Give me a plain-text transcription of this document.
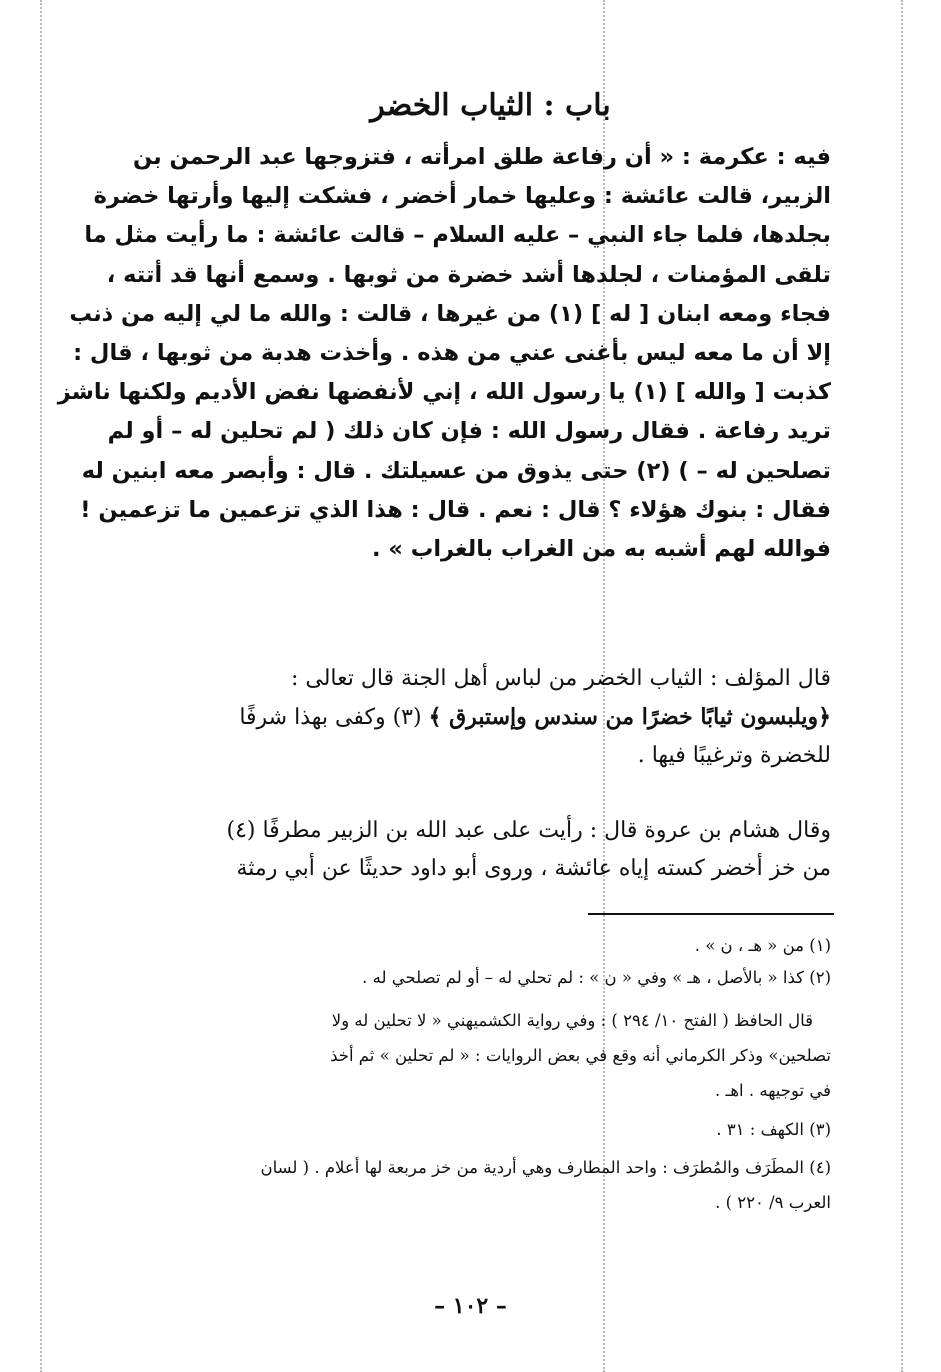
باب : الثياب الخضر
فيه : عكرمة : « أن رفاعة طلق امرأته ، فتزوجها عبد الرحمن بن
الزبير، قالت عائشة : وعليها خمار أخضر ، فشكت إليها وأرتها خضرة
بجلدها، فلما جاء النبي – عليه السلام – قالت عائشة : ما رأيت مثل ما
تلقى المؤمنات ، لجلدها أشد خضرة من ثوبها . وسمع أنها قد أتته ،
فجاء ومعه ابنان [ له ] (١) من غيرها ، قالت : والله ما لي إليه من ذنب
إلا أن ما معه ليس بأغنى عني من هذه . وأخذت هدبة من ثوبها ، قال :
كذبت [ والله ] (١) يا رسول الله ، إني لأنفضها نفض الأديم ولكنها ناشز
تريد رفاعة . فقال رسول الله : فإن كان ذلك ( لم تحلين له – أو لم
تصلحين له – ) (٢) حتى يذوق من عسيلتك . قال : وأبصر معه ابنين له
فقال : بنوك هؤلاء ؟ قال : نعم . قال : هذا الذي تزعمين ما تزعمين !
فوالله لهم أشبه به من الغراب بالغراب » .
قال المؤلف : الثياب الخضر من لباس أهل الجنة قال تعالى :
﴿ويلبسون ثيابًا خضرًا من سندس وإستبرق ﴾ (٣) وكفى بهذا شرفًا
للخضرة وترغيبًا فيها .
وقال هشام بن عروة قال : رأيت على عبد الله بن الزبير مطرفًا (٤)
من خز أخضر كسته إياه عائشة ، وروى أبو داود حديثًا عن أبي رمثة
(١) من « هـ ، ن » .
(٢) كذا « بالأصل ، هـ » وفي « ن » : لم تحلي له – أو لم تصلحي له .
قال الحافظ ( الفتح ١٠/ ٢٩٤ ) : وفي رواية الكشميهني « لا تحلين له ولا
تصلحين» وذكر الكرماني أنه وقع في بعض الروايات : « لم تحلين » ثم أخذ
في توجيهه . اهـ .
(٣) الكهف : ٣١ .
(٤) المطَرَف والمُطرَف : واحد المطارف وهي أردية من خز مربعة لها أعلام . ( لسان
العرب ٩/ ٢٢٠ ) .
– ١٠٢ –
